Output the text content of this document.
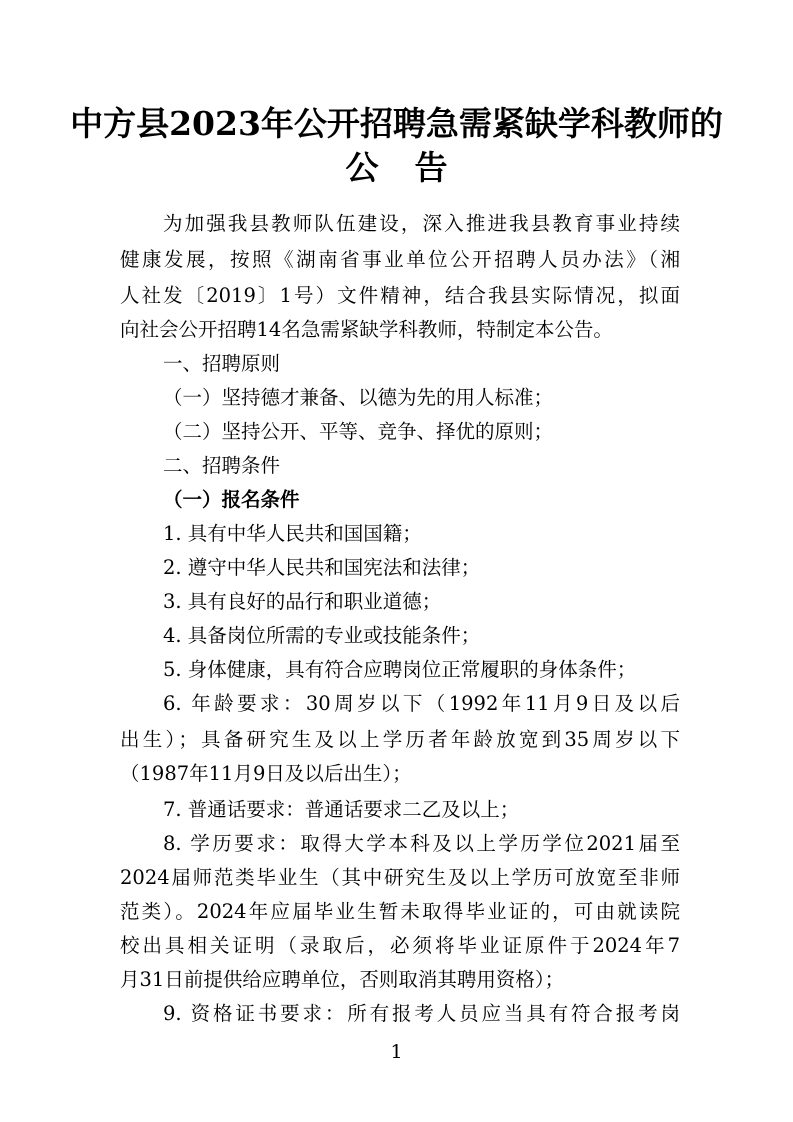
中方县2023年公开招聘急需紧缺学科教师的
公告
为加强我县教师队伍建设，深入推进我县教育事业持续
健康发展，按照《湖南省事业单位公开招聘人员办法》（湘
人社发〔2019〕1号）文件精神，结合我县实际情况，拟面
向社会公开招聘14名急需紧缺学科教师，特制定本公告。
一、招聘原则
（一）坚持德才兼备、以德为先的用人标准；
（二）坚持公开、平等、竞争、择优的原则；
二、招聘条件
（一）报名条件
1. 具有中华人民共和国国籍；
2. 遵守中华人民共和国宪法和法律；
3. 具有良好的品行和职业道德；
4. 具备岗位所需的专业或技能条件；
5. 身体健康，具有符合应聘岗位正常履职的身体条件；
6. 年龄要求：30周岁以下（1992年11月9日及以后
出生）；具备研究生及以上学历者年龄放宽到35周岁以下
（1987年11月9日及以后出生）；
7. 普通话要求：普通话要求二乙及以上；
8. 学历要求：取得大学本科及以上学历学位2021届至
2024届师范类毕业生（其中研究生及以上学历可放宽至非师
范类）。2024年应届毕业生暂未取得毕业证的，可由就读院
校出具相关证明（录取后，必须将毕业证原件于2024年7
月31日前提供给应聘单位，否则取消其聘用资格）；
9. 资格证书要求：所有报考人员应当具有符合报考岗
1
